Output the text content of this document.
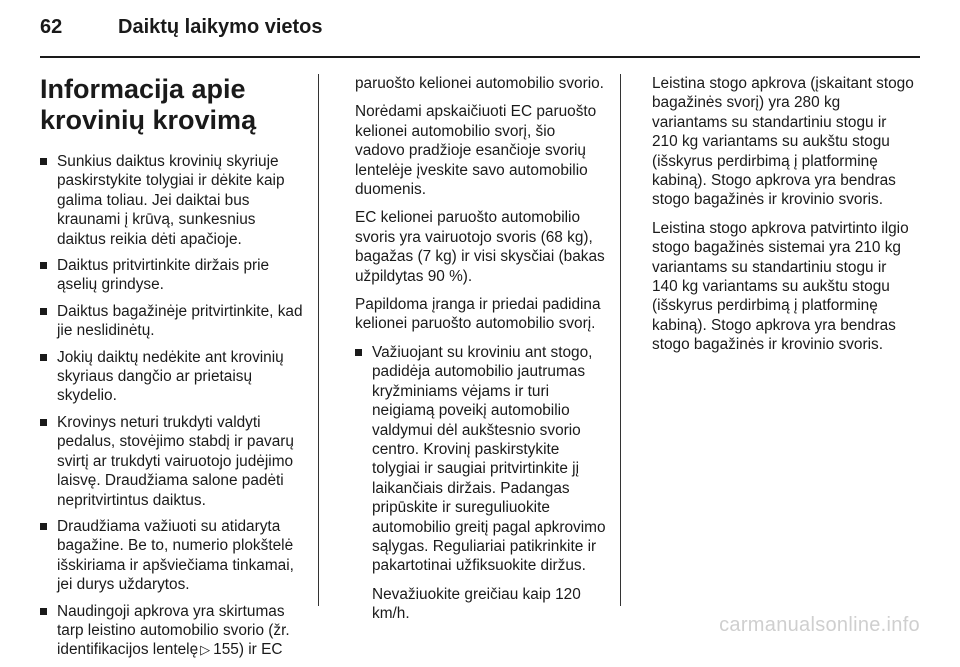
62	Daiktų laikymo vietos
Informacija apie
krovinių krovimą
Sunkius daiktus krovinių skyriuje paskirstykite tolygiai ir dėkite kaip galima toliau. Jei daiktai bus kraunami į krūvą, sunkesnius daiktus reikia dėti apačioje.
Daiktus pritvirtinkite diržais prie ąselių grindyse.
Daiktus bagažinėje pritvirtinkite, kad jie neslidinėtų.
Jokių daiktų nedėkite ant krovinių skyriaus dangčio ar prietaisų skydelio.
Krovinys neturi trukdyti valdyti pedalus, stovėjimo stabdį ir pavarų svirtį ar trukdyti vairuotojo judėjimo laisvę. Draudžiama salone padėti nepritvirtintus daiktus.
Draudžiama važiuoti su atidaryta bagažine. Be to, numerio plokštelė išskiriama ir apšviečiama tinkamai, jei durys uždarytos.
Naudingoji apkrova yra skirtumas tarp leistino automobilio svorio (žr. identifikacijos lentelę ▷ 155) ir EC

paruošto kelionei automobilio svorio.

Norėdami apskaičiuoti EC paruošto kelionei automobilio svorį, šio vadovo pradžioje esančioje svorių lentelėje įveskite savo automobilio duomenis.

EC kelionei paruošto automobilio svoris yra vairuotojo svoris (68 kg), bagažas (7 kg) ir visi skysčiai (bakas užpildytas 90 %).

Papildoma įranga ir priedai padidina kelionei paruošto automobilio svorį.

Važiuojant su kroviniu ant stogo, padidėja automobilio jautrumas kryžminiams vėjams ir turi neigiamą poveikį automobilio valdymui dėl aukštesnio svorio centro. Krovinį paskirstykite tolygiai ir saugiai pritvirtinkite jį laikančiais diržais. Padangas pripūskite ir sureguliuokite automobilio greitį pagal apkrovimo sąlygas. Reguliariai patikrinkite ir pakartotinai užfiksuokite diržus.

Nevažiuokite greičiau kaip 120 km/h.

Leistina stogo apkrova (įskaitant stogo bagažinės svorį) yra 280 kg variantams su standartiniu stogu ir 210 kg variantams su aukštu stogu (išskyrus perdirbimą į platforminę kabiną). Stogo apkrova yra bendras stogo bagažinės ir krovinio svoris.

Leistina stogo apkrova patvirtinto ilgio stogo bagažinės sistemai yra 210 kg variantams su standartiniu stogu ir 140 kg variantams su aukštu stogu (išskyrus perdirbimą į platforminę kabiną). Stogo apkrova yra bendras stogo bagažinės ir krovinio svoris.

carmanualsonline.info
